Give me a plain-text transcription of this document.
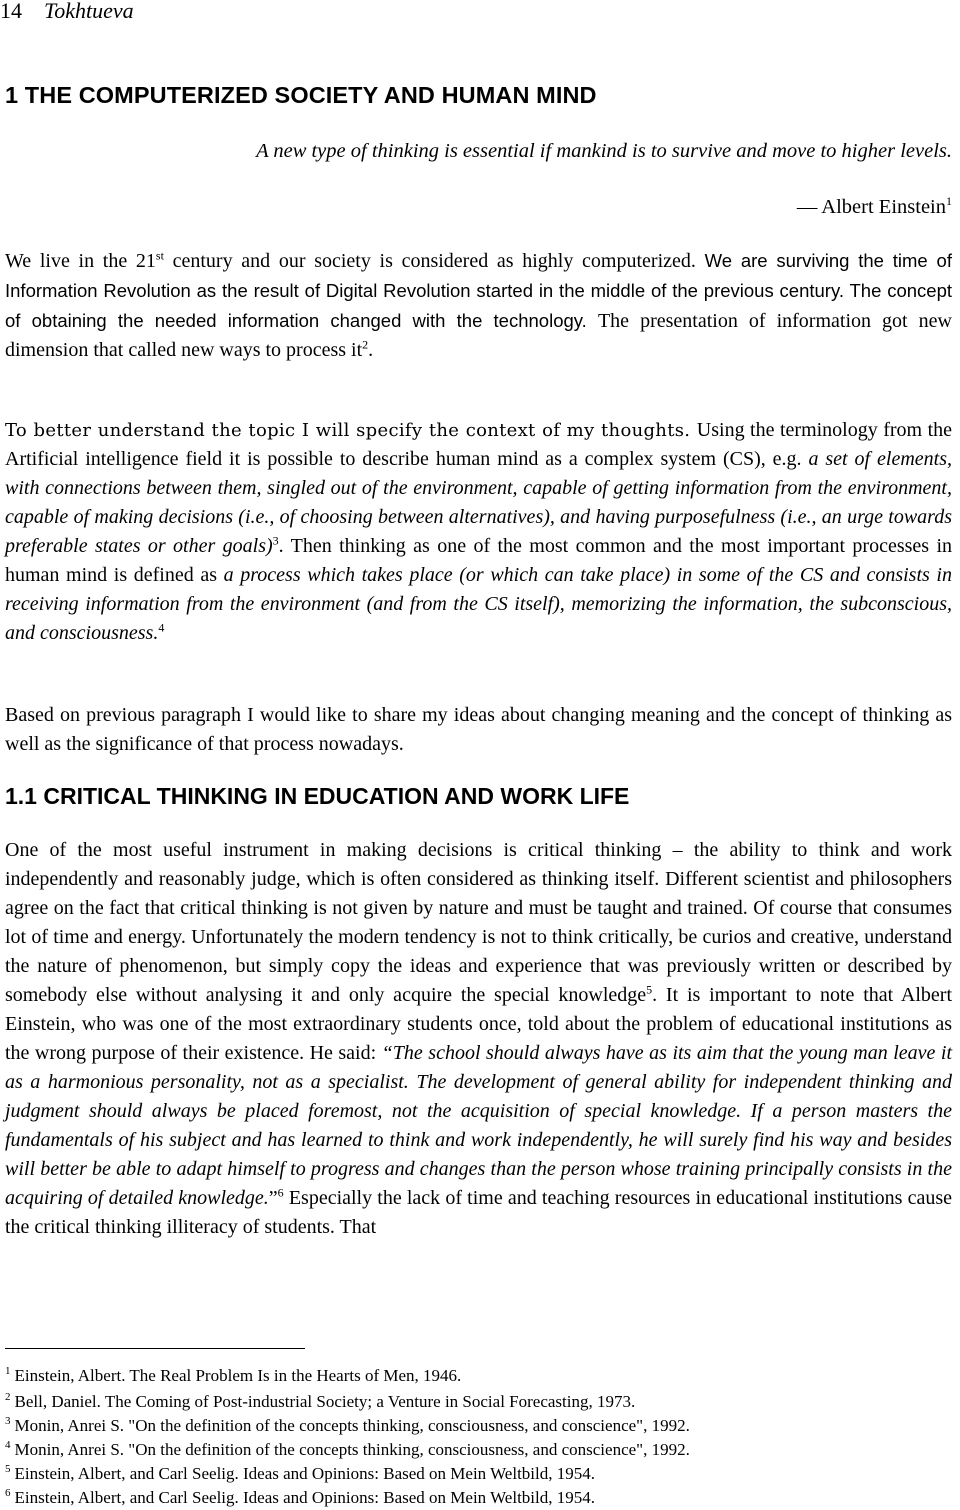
14 Tokhtueva
1 THE COMPUTERIZED SOCIETY AND HUMAN MIND
A new type of thinking is essential if mankind is to survive and move to higher levels.
— Albert Einstein$^1$

We live in the 21st century and our society is considered as highly computerized. We are surviving the time of Information Revolution as the result of Digital Revolution started in the middle of the previous century. The concept of obtaining the needed information changed with the technology. The presentation of information got new dimension that called new ways to process $it^2$.

To better understand the topic I will specify the context of my thoughts. Using the terminology from the Artificial intelligence field it is possible to describe human mind as a complex system (CS), e.g. a set of elements, with connections between them, singled out of the environment, capable of getting information from the environment, capable of making decisions (i.e., of choosing between alternatives), and having purposefulness (i.e., an urge towards preferable states or other goals)$^3$. Then thinking as one of the most common and the most important processes in human mind is defined as a process which takes place (or which can take place) in some of the CS and consists in receiving information from the environment (and from the CS itself), memorizing the information, the subconscious, and consciousness.$^4$

Based on previous paragraph I would like to share my ideas about changing meaning and the concept of thinking as well as the significance of that process nowadays.

1.1 CRITICAL THINKING IN EDUCATION AND WORK LIFE

One of the most useful instrument in making decisions is critical thinking – the ability to think and work independently and reasonably judge, which is often considered as thinking itself. Different scientist and philosophers agree on the fact that critical thinking is not given by nature and must be taught and trained. Of course that consumes lot of time and energy. Unfortunately the modern tendency is not to think critically, be curios and creative, understand the nature of phenomenon, but simply copy the ideas and experience that was previously written or described by somebody else without analysing it and only acquire the special knowledge$^5$. It is important to note that Albert Einstein, who was one of the most extraordinary students once, told about the problem of educational institutions as the wrong purpose of their existence. He said: “The school should always have as its aim that the young man leave it as a harmonious personality, not as a specialist. The development of general ability for independent thinking and judgment should always be placed foremost, not the acquisition of special knowledge. If a person masters the fundamentals of his subject and has learned to think and work independently, he will surely find his way and besides will better be able to adapt himself to progress and changes than the person whose training principally consists in the acquiring of detailed knowledge.”$^6$ Especially the lack of time and teaching resources in educational institutions cause the critical thinking illiteracy of students. That

$^1$ Einstein, Albert. The Real Problem Is in the Hearts of Men, 1946.
$^2$ Bell, Daniel. The Coming of Post-industrial Society; a Venture in Social Forecasting, 1973.
$^3$ Monin, Anrei S. "On the definition of the concepts thinking, consciousness, and conscience", 1992.
$^4$ Monin, Anrei S. "On the definition of the concepts thinking, consciousness, and conscience", 1992.
$^5$ Einstein, Albert, and Carl Seelig. Ideas and Opinions: Based on Mein Weltbild, 1954.
$^6$ Einstein, Albert, and Carl Seelig. Ideas and Opinions: Based on Mein Weltbild, 1954.
